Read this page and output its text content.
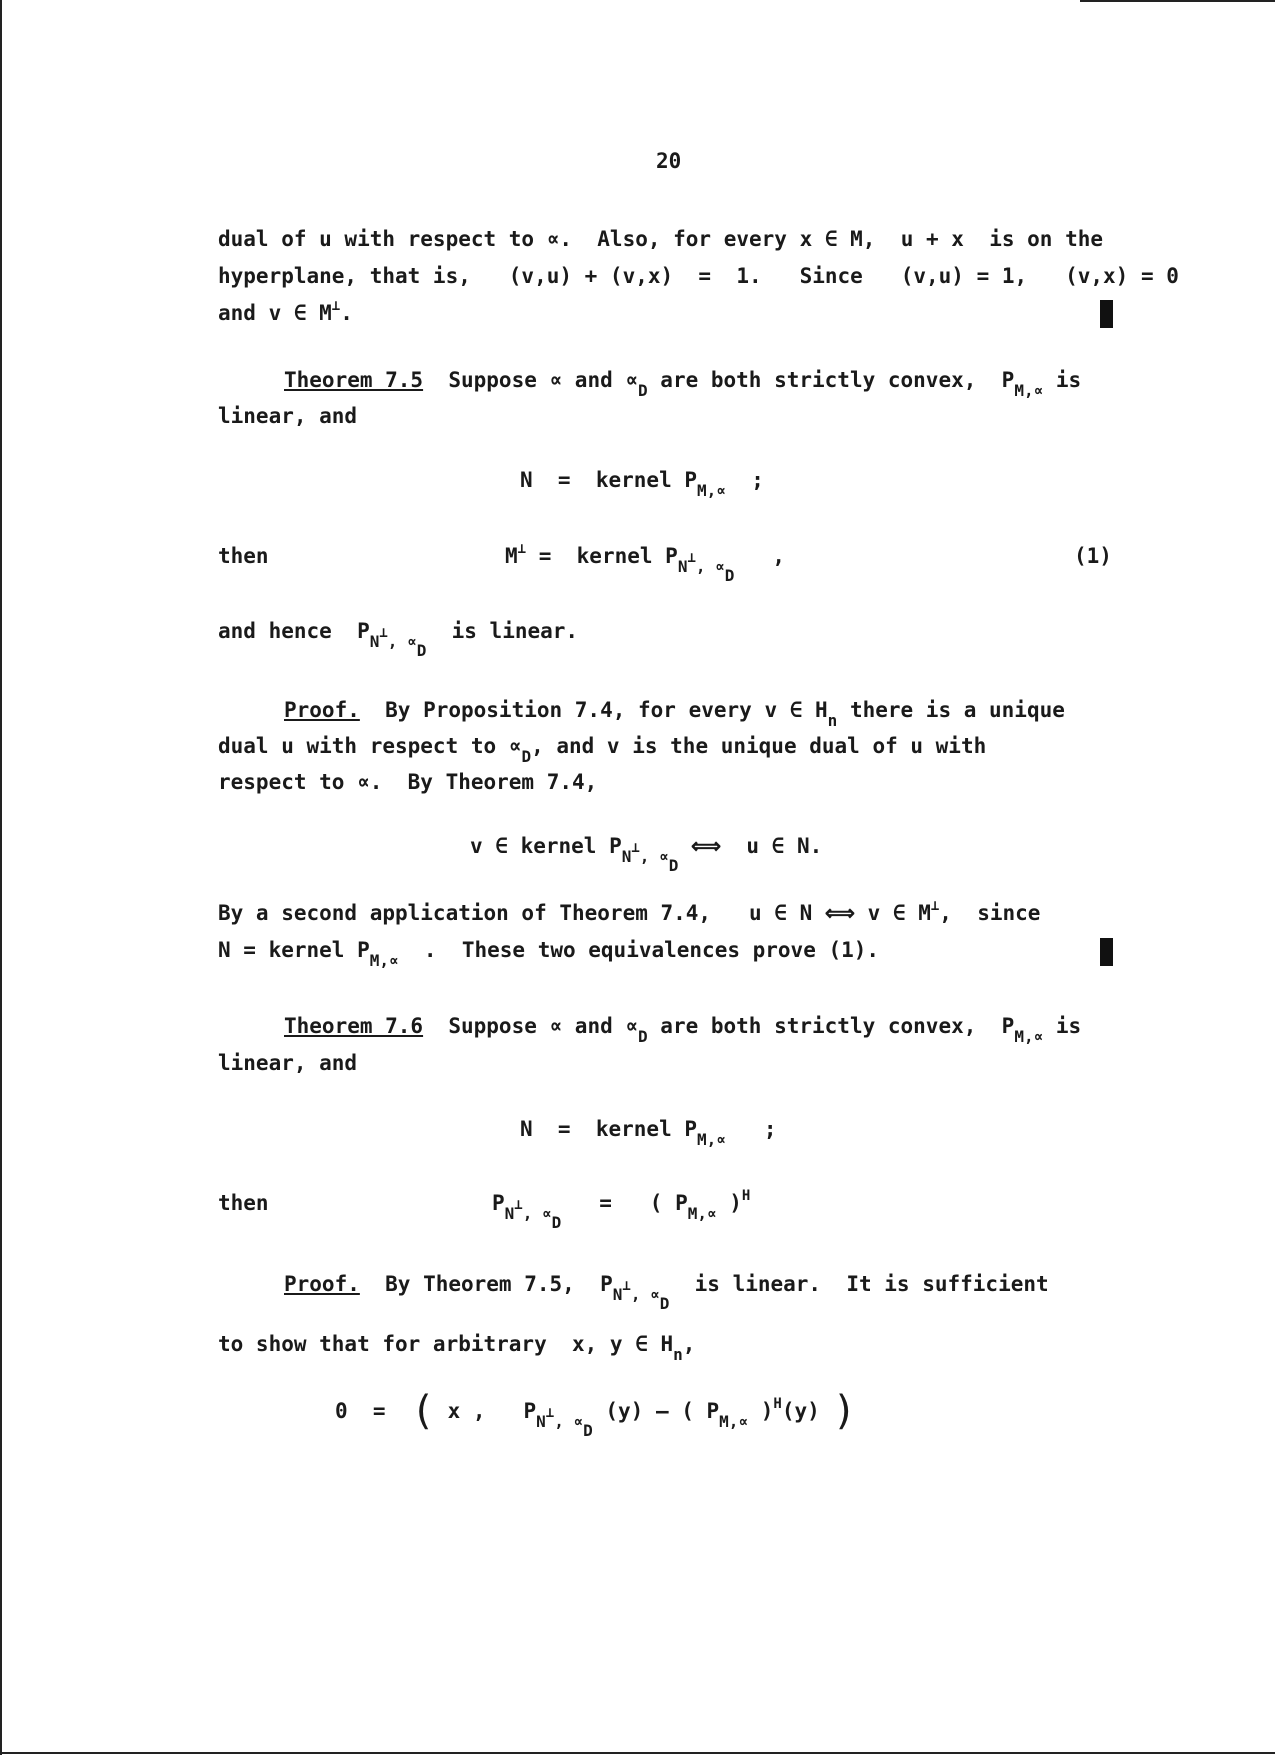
20
dual of u with respect to ∝.  Also, for every x ∈ M,  u + x  is on the
hyperplane, that is,   (v,u) + (v,x)  =  1.   Since   (v,u) = 1,   (v,x) = 0
and v ∈ M⊥.
Theorem 7.5  Suppose ∝ and $\propto_D$ are both strictly convex,  $P_{M,\propto}$ is
linear, and
N  =  kernel $P_{M,\propto}$  ;
then	M⊥ =  kernel $P_{N^\perp, \propto_D}$   ,	(1)
and hence  $P_{N^\perp, \propto_D}$  is linear.
Proof.  By Proposition 7.4, for every v ∈ $H_n$ there is a unique
dual u with respect to $\propto_D$, and v is the unique dual of u with
respect to ∝.  By Theorem 7.4,
v ∈ kernel $P_{N^\perp, \propto_D}$ ⟺  u ∈ N.
By a second application of Theorem 7.4,   u ∈ N ⟺ v ∈ M⊥,  since
N = kernel $P_{M,\propto}$  .  These two equivalences prove (1).
Theorem 7.6  Suppose ∝ and $\propto_D$ are both strictly convex,  $P_{M,\propto}$ is
linear, and
N  =  kernel $P_{M,\propto}$   ;
then	$P_{N^\perp, \propto_D}$   =   ( $P_{M,\propto}$ )$^H$
Proof.  By Theorem 7.5,  $P_{N^\perp, \propto_D}$  is linear.  It is sufficient
to show that for arbitrary  x, y ∈ $H_n$,
0  =  ( x ,   $P_{N^\perp, \propto_D}$ (y) – ( $P_{M,\propto}$ )$^H$(y) )
